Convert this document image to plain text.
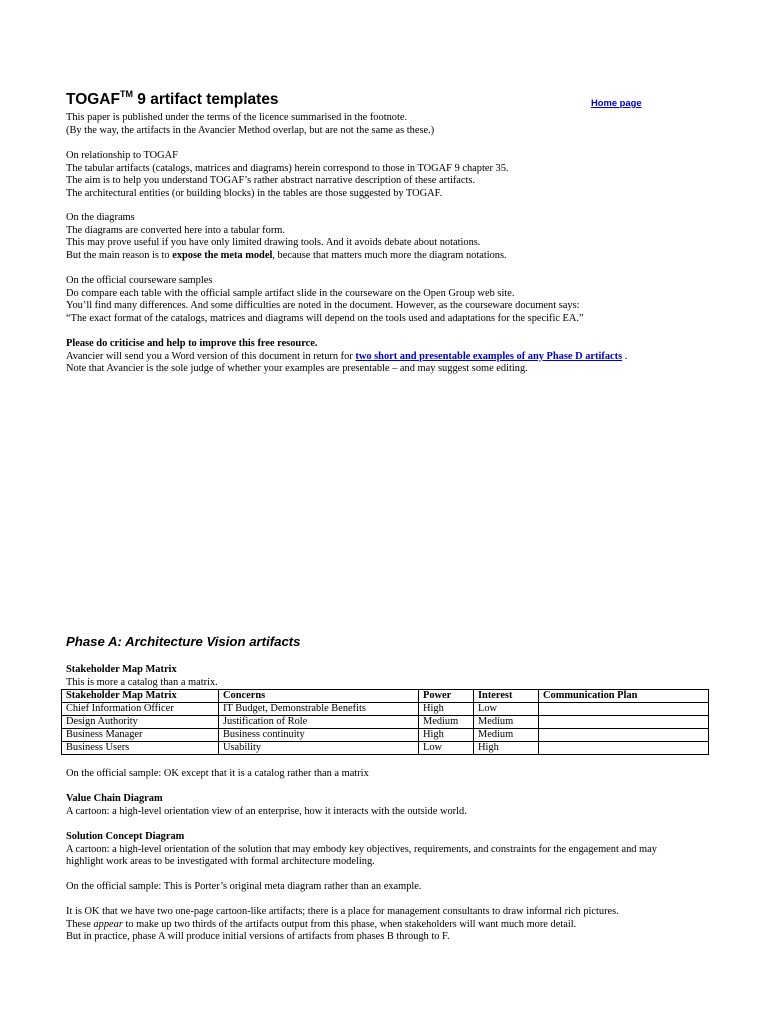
TOGAF™ 9 artifact templates	Home page
This paper is published under the terms of the licence summarised in the footnote.
(By the way, the artifacts in the Avancier Method overlap, but are not the same as these.)
On relationship to TOGAF
The tabular artifacts (catalogs, matrices and diagrams) herein correspond to those in TOGAF 9 chapter 35.
The aim is to help you understand TOGAF’s rather abstract narrative description of these artifacts.
The architectural entities (or building blocks) in the tables are those suggested by TOGAF.
On the diagrams
The diagrams are converted here into a tabular form.
This may prove useful if you have only limited drawing tools. And it avoids debate about notations.
But the main reason is to expose the meta model, because that matters much more the diagram notations.
On the official courseware samples
Do compare each table with the official sample artifact slide in the courseware on the Open Group web site.
You’ll find many differences. And some difficulties are noted in the document. However, as the courseware document says:
“The exact format of the catalogs, matrices and diagrams will depend on the tools used and adaptations for the specific EA.”
Please do criticise and help to improve this free resource.
Avancier will send you a Word version of this document in return for two short and presentable examples of any Phase D artifacts .
Note that Avancier is the sole judge of whether your examples are presentable – and may suggest some editing.
Phase A: Architecture Vision artifacts
Stakeholder Map Matrix
This is more a catalog than a matrix.
Stakeholder Map Matrix	Concerns	Power	Interest	Communication Plan
Chief Information Officer	IT Budget, Demonstrable Benefits	High	Low	
Design Authority	Justification of Role	Medium	Medium	
Business Manager	Business continuity	High	Medium	
Business Users	Usability	Low	High	
On the official sample: OK except that it is a catalog rather than a matrix
Value Chain Diagram
A cartoon: a high-level orientation view of an enterprise, how it interacts with the outside world.
Solution Concept Diagram
A cartoon: a high-level orientation of the solution that may embody key objectives, requirements, and constraints for the engagement and may
highlight work areas to be investigated with formal architecture modeling.
On the official sample: This is Porter’s original meta diagram rather than an example.
It is OK that we have two one-page cartoon-like artifacts; there is a place for management consultants to draw informal rich pictures.
These appear to make up two thirds of the artifacts output from this phase, when stakeholders will want much more detail.
But in practice, phase A will produce initial versions of artifacts from phases B through to F.
